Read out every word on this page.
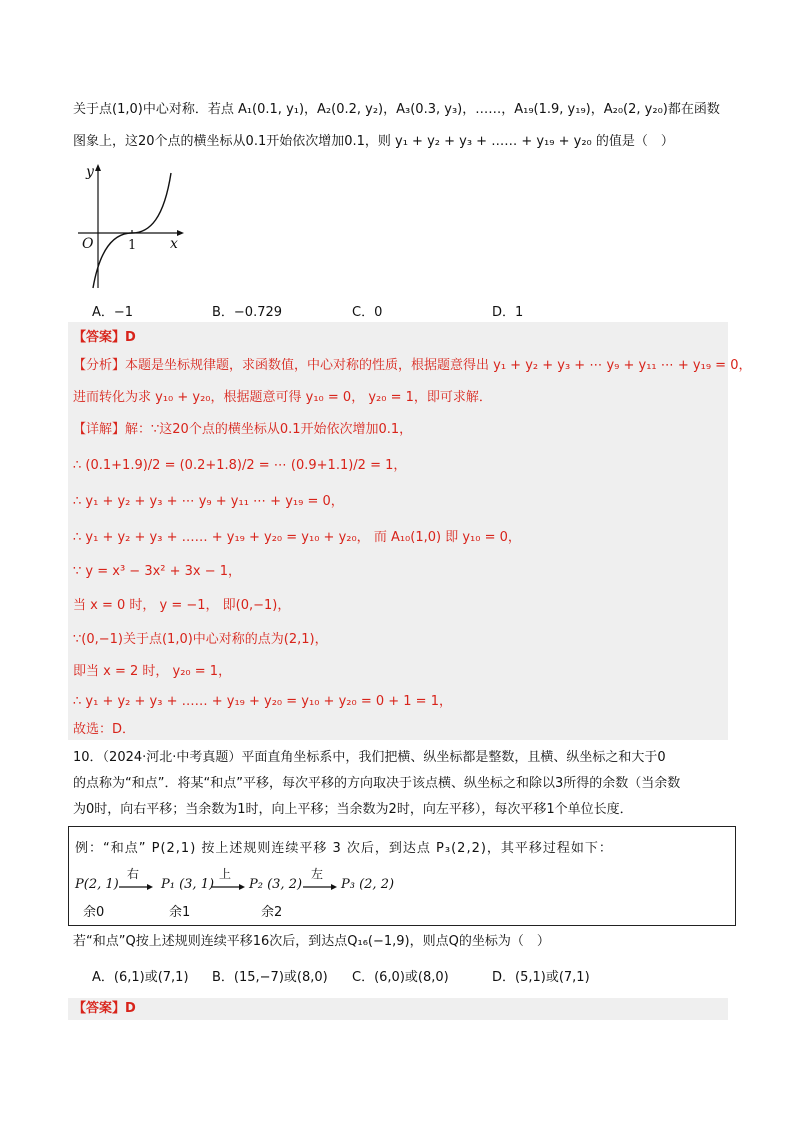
关于点(1,0)中心对称．若点 A₁(0.1, y₁)，A₂(0.2, y₂)，A₃(0.3, y₃)，……，A₁₉(1.9, y₁₉)，A₂₀(2, y₂₀)都在函数
图象上，这20个点的横坐标从0.1开始依次增加0.1，则 y₁ + y₂ + y₃ + …… + y₁₉ + y₂₀ 的值是（　）
y
x
O	1
A．−1	B．−0.729	C．0	D．1
【答案】D
【分析】本题是坐标规律题，求函数值，中心对称的性质，根据题意得出 y₁ + y₂ + y₃ + ⋯ y₉ + y₁₁ ⋯ + y₁₉ = 0，
进而转化为求 y₁₀ + y₂₀，根据题意可得 y₁₀ = 0， y₂₀ = 1，即可求解．
【详解】解：∵这20个点的横坐标从0.1开始依次增加0.1，
∴ (0.1+1.9)/2 = (0.2+1.8)/2 = ⋯ (0.9+1.1)/2 = 1，
∴ y₁ + y₂ + y₃ + ⋯ y₉ + y₁₁ ⋯ + y₁₉ = 0，
∴ y₁ + y₂ + y₃ + …… + y₁₉ + y₂₀ = y₁₀ + y₂₀， 而 A₁₀(1,0) 即 y₁₀ = 0，
∵ y = x³ − 3x² + 3x − 1，
当 x = 0 时， y = −1， 即(0,−1)，
∵(0,−1)关于点(1,0)中心对称的点为(2,1)，
即当 x = 2 时， y₂₀ = 1，
∴ y₁ + y₂ + y₃ + …… + y₁₉ + y₂₀ = y₁₀ + y₂₀ = 0 + 1 = 1，
故选：D．
10．（2024·河北·中考真题）平面直角坐标系中，我们把横、纵坐标都是整数，且横、纵坐标之和大于0
的点称为“和点”．将某“和点”平移，每次平移的方向取决于该点横、纵坐标之和除以3所得的余数（当余数
为0时，向右平移；当余数为1时，向上平移；当余数为2时，向左平移），每次平移1个单位长度．
例：“和点” P(2,1) 按上述规则连续平移 3 次后，到达点 P₃(2,2)，其平移过程如下：
P(2, 1)
余0
右
P₁ (3, 1)
余1
上
P₂ (3, 2)
余2
左
P₃ (2, 2)
若“和点”Q按上述规则连续平移16次后，到达点Q₁₆(−1,9)，则点Q的坐标为（　）
A．(6,1)或(7,1) B．(15,−7)或(8,0) C．(6,0)或(8,0)	D．(5,1)或(7,1)
【答案】D
